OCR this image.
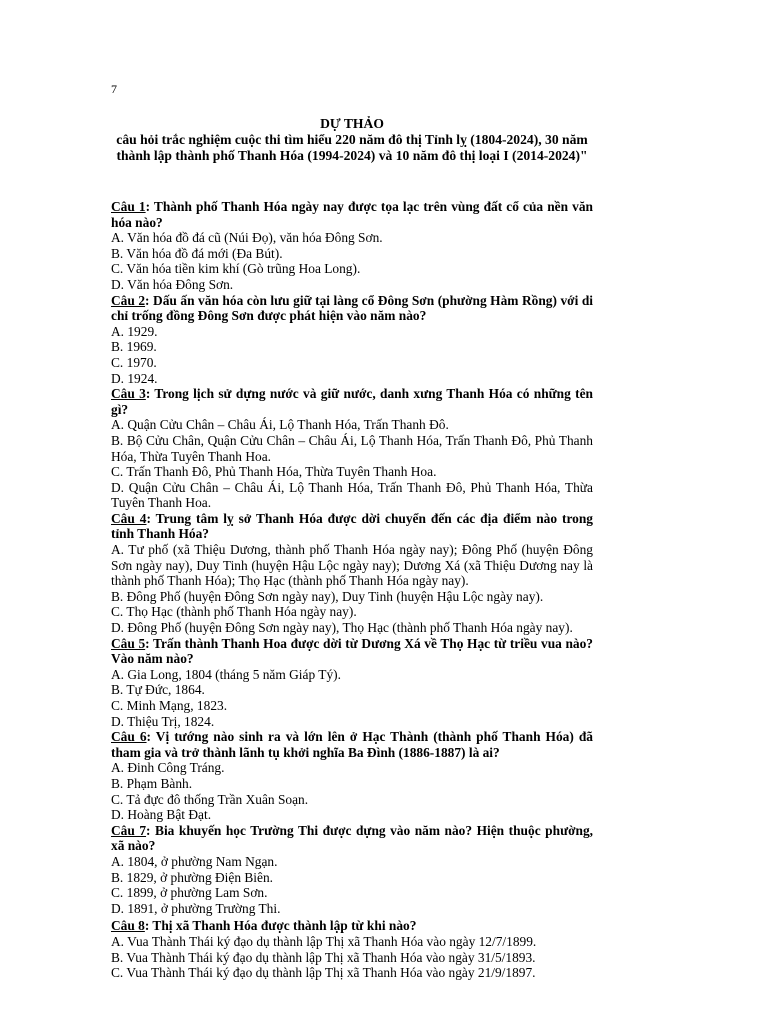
7
DỰ THẢO
câu hỏi trắc nghiệm cuộc thi tìm hiểu 220 năm đô thị Tỉnh lỵ (1804-2024), 30 năm thành lập thành phố Thanh Hóa (1994-2024) và 10 năm đô thị loại I (2014-2024)"

Câu 1: Thành phố Thanh Hóa ngày nay được tọa lạc trên vùng đất cổ của nền văn hóa nào?

A. Văn hóa đồ đá cũ (Núi Đọ), văn hóa Đông Sơn.

B. Văn hóa đồ đá mới (Đa Bút).

C. Văn hóa tiền kim khí (Gò trũng Hoa Long).

D. Văn hóa Đông Sơn.

Câu 2: Dấu ấn văn hóa còn lưu giữ tại làng cổ Đông Sơn (phường Hàm Rồng) với di chỉ trống đồng Đông Sơn được phát hiện vào năm nào?

A. 1929.

B. 1969.

C. 1970.

D. 1924.

Câu 3: Trong lịch sử dựng nước và giữ nước, danh xưng Thanh Hóa có những tên gì?

A. Quận Cửu Chân – Châu Ái, Lộ Thanh Hóa, Trấn Thanh Đô.

B. Bộ Cửu Chân, Quận Cửu Chân – Châu Ái, Lộ Thanh Hóa, Trấn Thanh Đô, Phủ Thanh Hóa, Thừa Tuyên Thanh Hoa.

C. Trấn Thanh Đô, Phủ Thanh Hóa, Thừa Tuyên Thanh Hoa.

D. Quận Cửu Chân – Châu Ái, Lộ Thanh Hóa, Trấn Thanh Đô, Phủ Thanh Hóa, Thừa Tuyên Thanh Hoa.

Câu 4: Trung tâm lỵ sở Thanh Hóa được dời chuyển đến các địa điểm nào trong tỉnh Thanh Hóa?

A. Tư phố (xã Thiệu Dương, thành phố Thanh Hóa ngày nay); Đông Phố (huyện Đông Sơn ngày nay), Duy Tinh (huyện Hậu Lộc ngày nay); Dương Xá (xã Thiệu Dương nay là thành phố Thanh Hóa); Thọ Hạc (thành phố Thanh Hóa ngày nay).

B. Đông Phố (huyện Đông Sơn ngày nay), Duy Tinh (huyện Hậu Lộc ngày nay).

C. Thọ Hạc (thành phố Thanh Hóa ngày nay).

D. Đông Phố (huyện Đông Sơn ngày nay), Thọ Hạc (thành phố Thanh Hóa ngày nay).

Câu 5: Trấn thành Thanh Hoa được dời từ Dương Xá về Thọ Hạc từ triều vua nào? Vào năm nào?

A. Gia Long, 1804 (tháng 5 năm Giáp Tý).

B. Tự Đức, 1864.

C. Minh Mạng, 1823.

D. Thiệu Trị, 1824.

Câu 6: Vị tướng nào sinh ra và lớn lên ở Hạc Thành (thành phố Thanh Hóa) đã tham gia và trở thành lãnh tụ khởi nghĩa Ba Đình (1886-1887) là ai?

A. Đinh Công Tráng.

B. Phạm Bành.

C. Tả đực đô thống Trần Xuân Soạn.

D. Hoàng Bật Đạt.

Câu 7: Bia khuyến học Trường Thi được dựng vào năm nào? Hiện thuộc phường, xã nào?

A. 1804, ở phường Nam Ngạn.

B. 1829, ở phường Điện Biên.

C. 1899, ở phường Lam Sơn.

D. 1891, ở phường Trường Thi.

Câu 8: Thị xã Thanh Hóa được thành lập từ khi nào?

A. Vua Thành Thái ký đạo dụ thành lập Thị xã Thanh Hóa vào ngày 12/7/1899.

B. Vua Thành Thái ký đạo dụ thành lập Thị xã Thanh Hóa vào ngày 31/5/1893.

C. Vua Thành Thái ký đạo dụ thành lập Thị xã Thanh Hóa vào ngày 21/9/1897.
